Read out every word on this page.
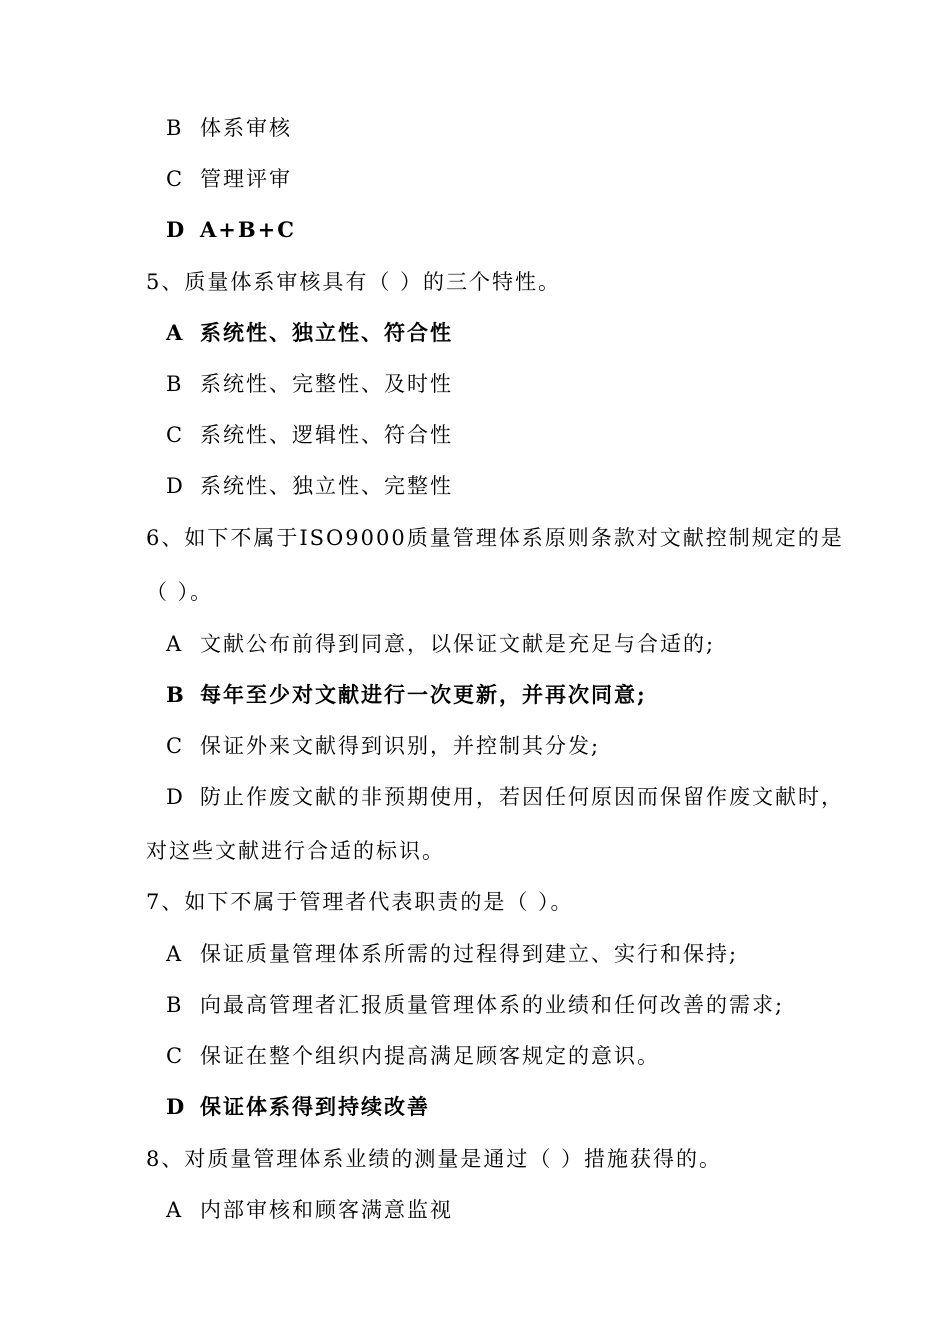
B 体系审核
C 管理评审
D A+B+C
5、质量体系审核具有（ ）的三个特性。
A 系统性、独立性、符合性
B 系统性、完整性、及时性
C 系统性、逻辑性、符合性
D 系统性、独立性、完整性
6、如下不属于ISO9000质量管理体系原则条款对文献控制规定的是
（ ）。
A 文献公布前得到同意，以保证文献是充足与合适的;
B 每年至少对文献进行一次更新，并再次同意;
C 保证外来文献得到识别，并控制其分发;
D 防止作废文献的非预期使用，若因任何原因而保留作废文献时，
对这些文献进行合适的标识。
7、如下不属于管理者代表职责的是（ ）。
A 保证质量管理体系所需的过程得到建立、实行和保持;
B 向最高管理者汇报质量管理体系的业绩和任何改善的需求;
C 保证在整个组织内提高满足顾客规定的意识。
D 保证体系得到持续改善
8、对质量管理体系业绩的测量是通过（ ）措施获得的。
A 内部审核和顾客满意监视
